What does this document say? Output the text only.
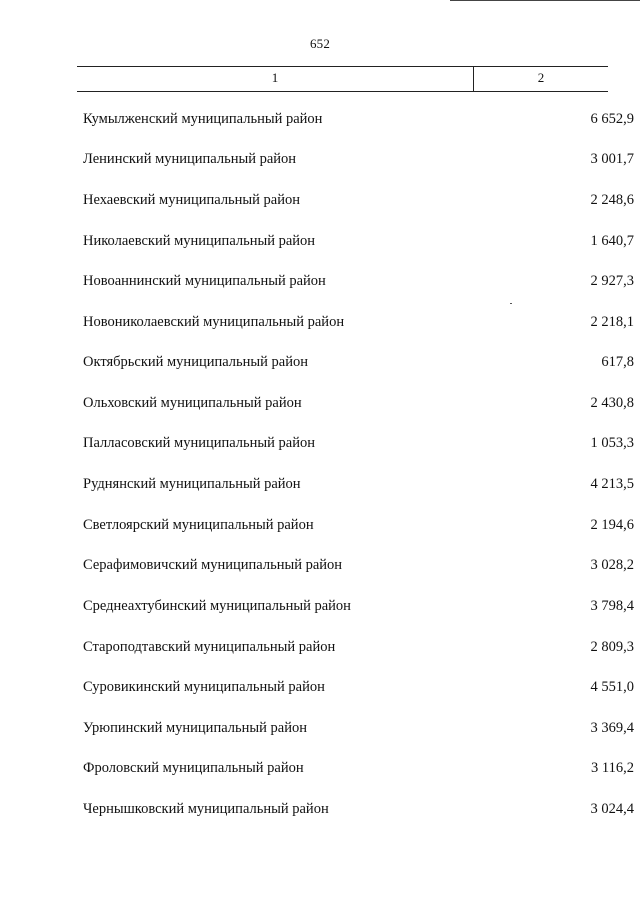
652
1	2
Кумылженский муниципальный район	6 652,9
Ленинский муниципальный район	3 001,7
Нехаевский муниципальный район	2 248,6
Николаевский муниципальный район	1 640,7
Новоаннинский муниципальный район	2 927,3
Новониколаевский муниципальный район	2 218,1
Октябрьский муниципальный район	617,8
Ольховский муниципальный район	2 430,8
Палласовский муниципальный район	1 053,3
Руднянский муниципальный район	4 213,5
Светлоярский муниципальный район	2 194,6
Серафимовичский муниципальный район	3 028,2
Среднеахтубинский муниципальный район	3 798,4
Староподтавский муниципальный район	2 809,3
Суровикинский муниципальный район	4 551,0
Урюпинский муниципальный район	3 369,4
Фроловский муниципальный район	3 116,2
Чернышковский муниципальный район	3 024,4
